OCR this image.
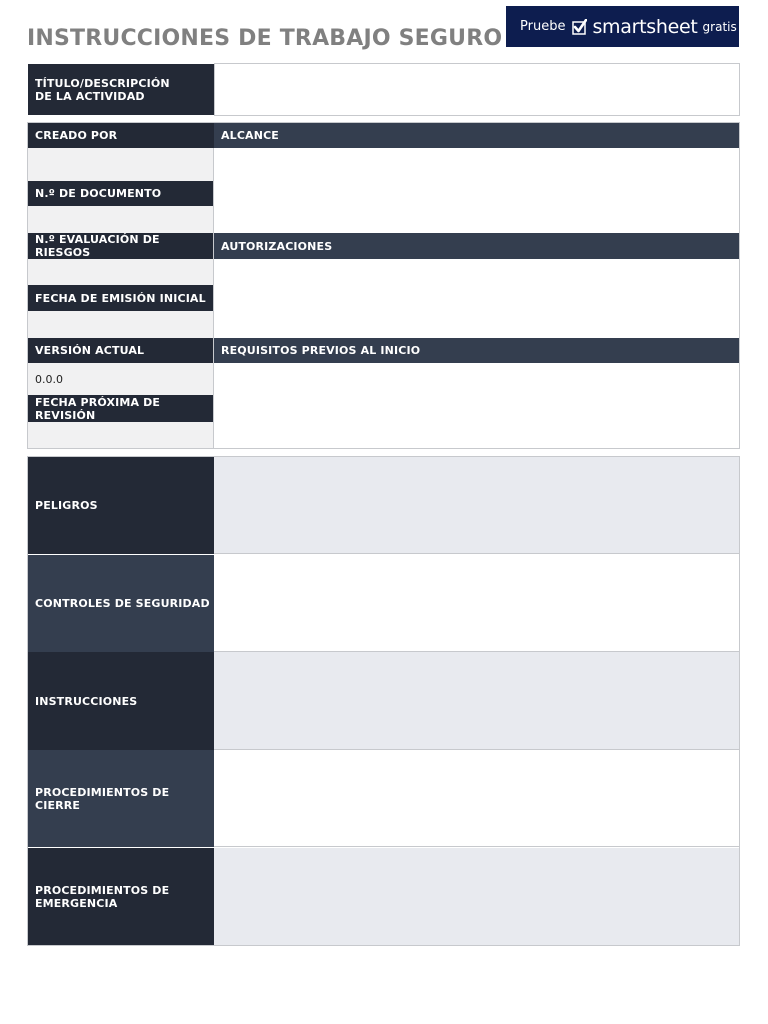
INSTRUCCIONES DE TRABAJO SEGURO Pruebe smartsheet gratis
TÍTULO/DESCRIPCIÓN
DE LA ACTIVIDAD
CREADO POR
N.º DE DOCUMENTO
N.º EVALUACIÓN DE RIESGOS
FECHA DE EMISIÓN INICIAL
VERSIÓN ACTUAL
0.0.0
FECHA PRÓXIMA DE REVISIÓN
ALCANCE
AUTORIZACIONES
REQUISITOS PREVIOS AL INICIO
PELIGROS
CONTROLES DE SEGURIDAD
INSTRUCCIONES
PROCEDIMIENTOS DE CIERRE
PROCEDIMIENTOS DE EMERGENCIA
